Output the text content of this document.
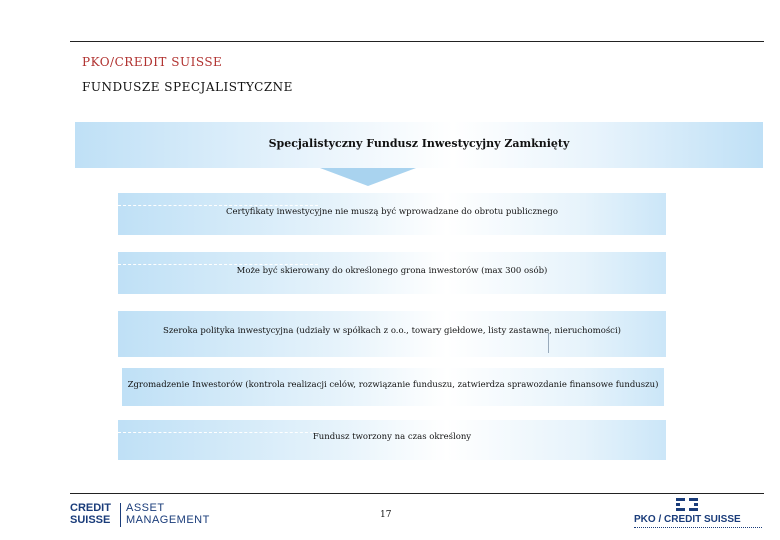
PKO/CREDIT SUISSE
FUNDUSZE SPECJALISTYCZNE
Specjalistyczny Fundusz Inwestycyjny Zamknięty
Certyfikaty inwestycyjne nie muszą być wprowadzane do obrotu publicznego
Może być skierowany do określonego grona inwestorów (max 300 osób)
Szeroka polityka inwestycyjna (udziały w spółkach z o.o., towary giełdowe, listy zastawne, nieruchomości)
Zgromadzenie Inwestorów (kontrola realizacji celów, rozwiązanie funduszu, zatwierdza sprawozdanie finansowe funduszu)
Fundusz tworzony na czas określony
CREDIT
SUISSE
ASSET
MANAGEMENT	17	PKO / CREDIT SUISSE
